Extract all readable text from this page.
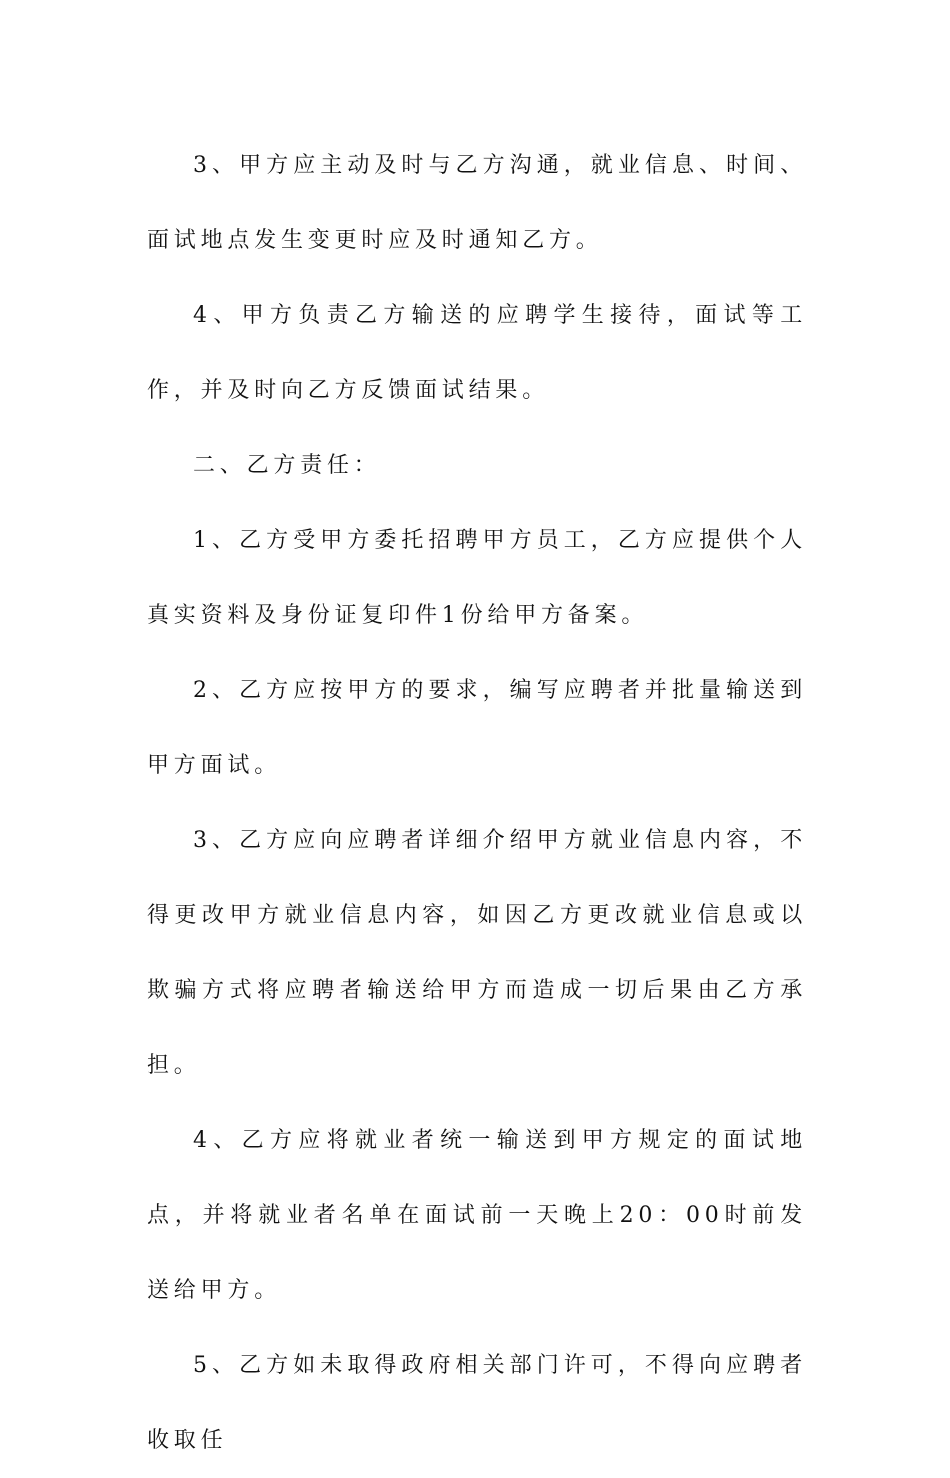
3、甲方应主动及时与乙方沟通，就业信息、时间、面试地点发生变更时应及时通知乙方。

4、甲方负责乙方输送的应聘学生接待，面试等工作，并及时向乙方反馈面试结果。

二、乙方责任：

1、乙方受甲方委托招聘甲方员工，乙方应提供个人真实资料及身份证复印件1份给甲方备案。

2、乙方应按甲方的要求，编写应聘者并批量输送到甲方面试。

3、乙方应向应聘者详细介绍甲方就业信息内容，不得更改甲方就业信息内容，如因乙方更改就业信息或以欺骗方式将应聘者输送给甲方而造成一切后果由乙方承担。

4、乙方应将就业者统一输送到甲方规定的面试地点，并将就业者名单在面试前一天晚上20：00时前发送给甲方。

5、乙方如未取得政府相关部门许可，不得向应聘者收取任
